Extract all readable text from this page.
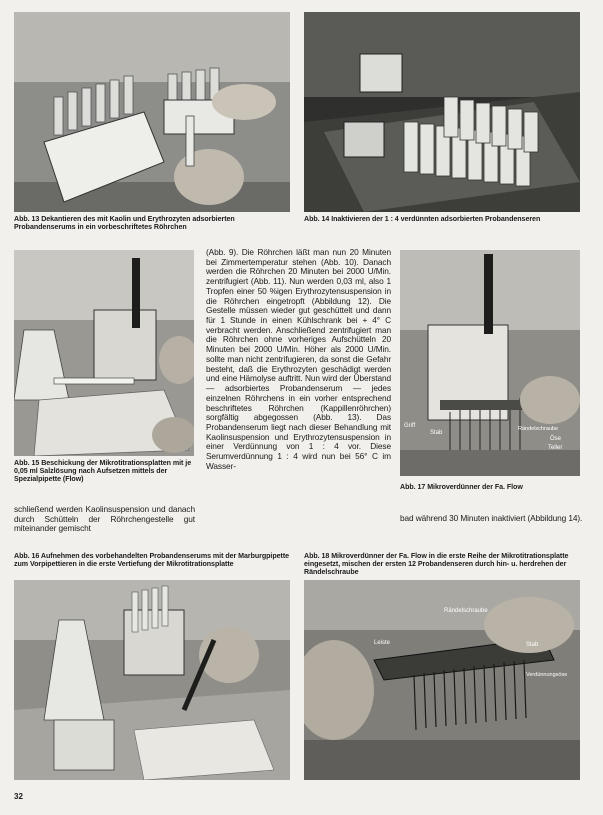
Abb. 13 Dekantieren des mit Kaolin und Erythrozyten adsorbierten Probandenserums in ein vorbeschriftetes Röhrchen

Abb. 14 Inaktivieren der 1 : 4 verdünnten adsorbierten Probandenseren

Griff
Stab
Rändelschraube
Öse
Teller

Abb. 15 Beschickung der Mikrotitrationsplatten mit je 0,05 ml Salzlösung nach Aufsetzen mittels der Spezialpipette (Flow)

Abb. 17 Mikroverdünner der Fa. Flow

(Abb. 9). Die Röhrchen läßt man nun 20 Minuten bei Zimmertemperatur stehen (Abb. 10). Danach werden die Röhrchen 20 Minuten bei 2000 U/Min. zentrifugiert (Abb. 11). Nun werden 0,03 ml, also 1 Tropfen einer 50 %igen Erythrozytensuspension in die Röhrchen eingetropft (Abbildung 12). Die Gestelle müssen wieder gut geschüttelt und dann für 1 Stunde in einen Kühlschrank bei + 4° C verbracht werden. Anschließend zentrifugiert man die Röhrchen ohne vorheriges Aufschütteln 20 Minuten bei 2000 U/Min. Höher als 2000 U/Min. sollte man nicht zentrifugieren, da sonst die Gefahr besteht, daß die Erythrozyten geschädigt werden und eine Hämolyse auftritt. Nun wird der Überstand — adsorbiertes Probandenserum — jedes einzelnen Röhrchens in ein vorher entsprechend beschriftetes Röhrchen (Kappillenröhrchen) sorgfältig abgegossen (Abb. 13). Das Probandenserum liegt nach dieser Behandlung mit Kaolinsuspension und Erythrozytensuspension in einer Verdünnung von 1 : 4 vor. Diese Serumverdünnung 1 : 4 wird nun bei 56° C im Wasser-

schließend werden Kaolinsuspension und danach durch Schütteln der Röhrchengestelle gut miteinander gemischt

bad während 30 Minuten inaktiviert (Abbildung 14).

Abb. 16 Aufnehmen des vorbehandelten Probandenserums mit der Marburgpipette zum Vorpipettieren in die erste Vertiefung der Mikrotitrationsplatte

Abb. 18 Mikroverdünner der Fa. Flow in die erste Reihe der Mikrotitrationsplatte eingesetzt, mischen der ersten 12 Probandenseren durch hin- u. herdrehen der Rändelschraube

Rändelschraube
Leiste	Stab
Verdünnungsöse
32
